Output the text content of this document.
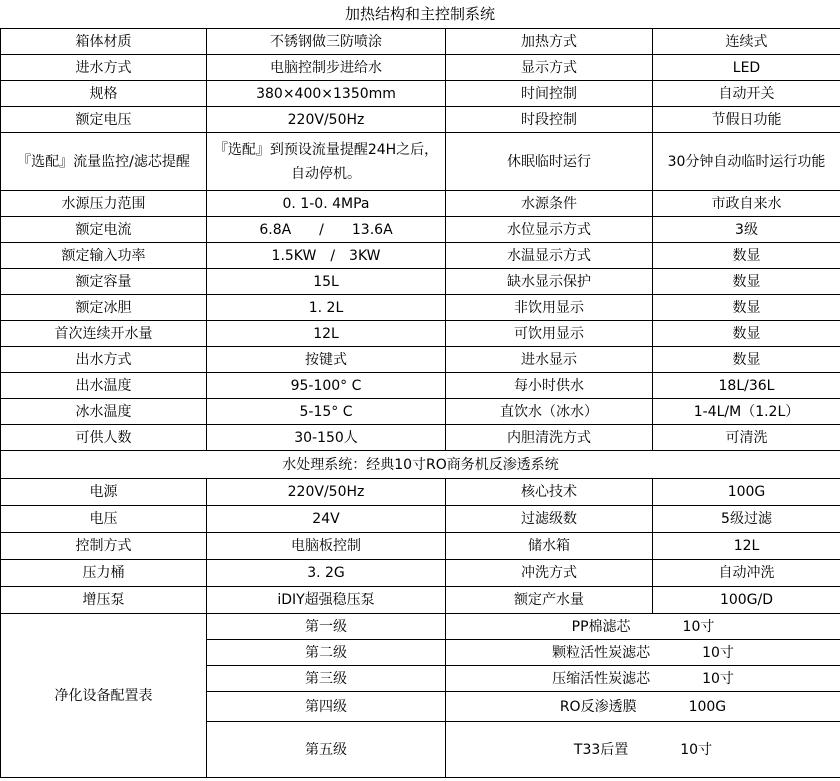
加热结构和主控制系统
箱体材质	不锈钢做三防喷涂	加热方式	连续式
进水方式	电脑控制步进给水	显示方式	LED
规格	380×400×1350mm	时间控制	自动开关
额定电压	220V/50Hz	时段控制	节假日功能
『选配』流量监控/滤芯提醒	『选配』到预设流量提醒24H之后，自动停机。	休眠临时运行	30分钟自动临时运行功能
水源压力范围	0. 1-0. 4MPa	水源条件	市政自来水
额定电流	6.8A　　/　　13.6A	水位显示方式	3级
额定输入功率	1.5KW　/　3KW	水温显示方式	数显
额定容量	15L	缺水显示保护	数显
额定冰胆	1. 2L	非饮用显示	数显
首次连续开水量	12L	可饮用显示	数显
出水方式	按键式	进水显示	数显
出水温度	95-100° C	每小时供水	18L/36L
冰水温度	5-15° C	直饮水（冰水）	1-4L/M（1.2L）
可供人数	30-150人	内胆清洗方式	可清洗
水处理系统：经典10寸RO商务机反渗透系统			
电源	220V/50Hz	核心技术	100G
电压	24V	过滤级数	5级过滤
控制方式	电脑板控制	储水箱	12L
压力桶	3. 2G	冲洗方式	自动冲洗
增压泵	iDIY超强稳压泵	额定产水量	100G/D
净化设备配置表	第一级	PP棉滤芯 10寸	
	第二级	颗粒活性炭滤芯 10寸	
	第三级	压缩活性炭滤芯 10寸	
	第四级	RO反渗透膜 100G	
	第五级	T33后置 10寸	
